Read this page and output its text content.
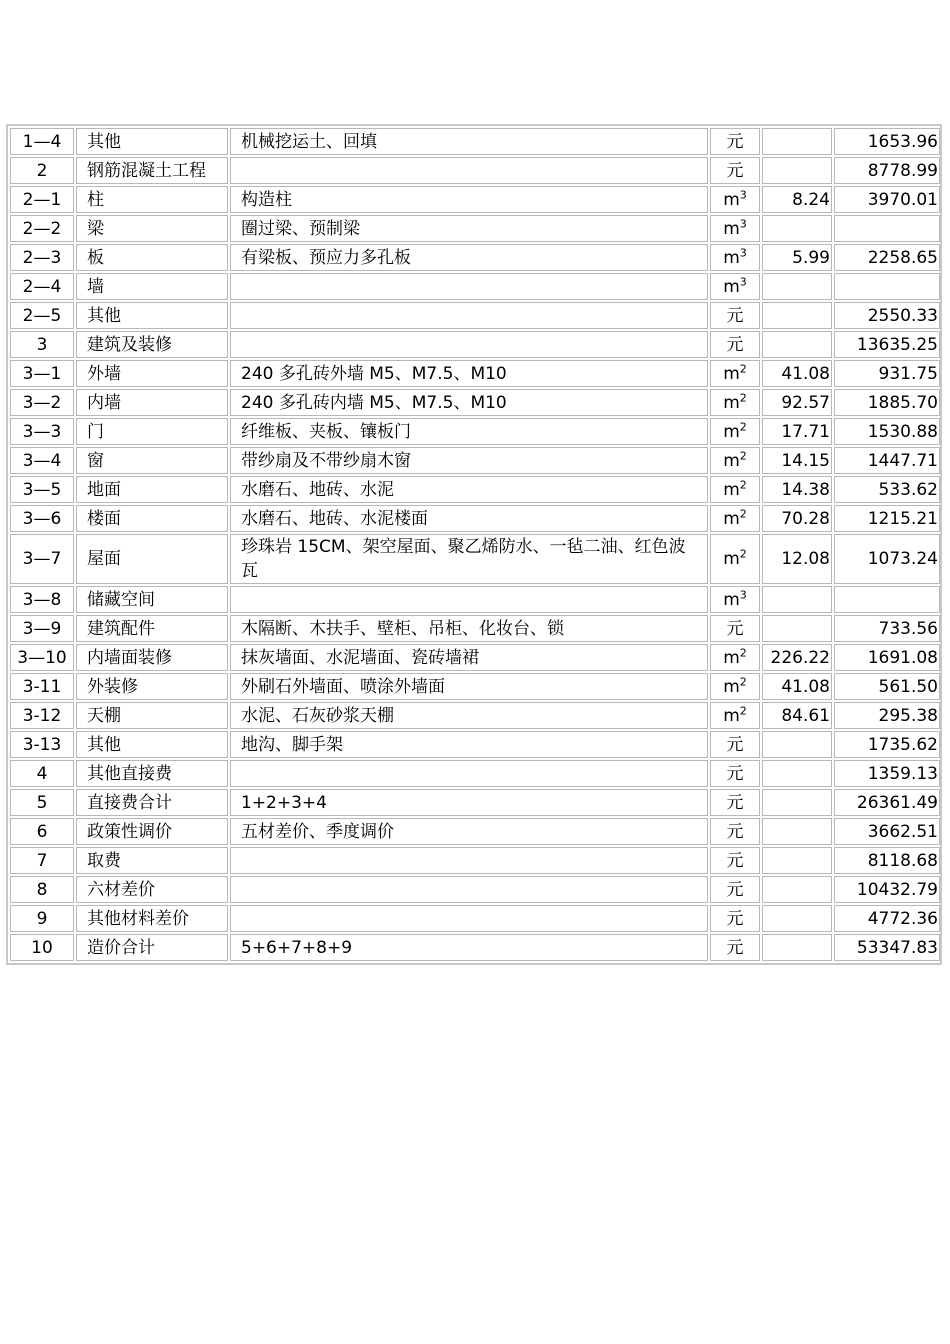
1—4	其他	机械挖运土、回填	元		1653.96
2	钢筋混凝土工程		元		8778.99
2—1	柱	构造柱	$m^3$	8.24	3970.01
2—2	梁	圈过梁、预制梁	$m^3$		
2—3	板	有梁板、预应力多孔板	$m^3$	5.99	2258.65
2—4	墙		$m^3$		
2—5	其他		元		2550.33
3	建筑及装修		元		13635.25
3—1	外墙	240 多孔砖外墙 M5、M7.5、M10	$m^2$	41.08	931.75
3—2	内墙	240 多孔砖内墙 M5、M7.5、M10	$m^2$	92.57	1885.70
3—3	门	纤维板、夹板、镶板门	$m^2$	17.71	1530.88
3—4	窗	带纱扇及不带纱扇木窗	$m^2$	14.15	1447.71
3—5	地面	水磨石、地砖、水泥	$m^2$	14.38	533.62
3—6	楼面	水磨石、地砖、水泥楼面	$m^2$	70.28	1215.21
3—7	屋面	珍珠岩 15CM、架空屋面、聚乙烯防水、一毡二油、红色波瓦	$m^2$	12.08	1073.24
3—8	储藏空间		$m^3$		
3—9	建筑配件	木隔断、木扶手、壁柜、吊柜、化妆台、锁	元		733.56
3—10	内墙面装修	抹灰墙面、水泥墙面、瓷砖墙裙	$m^2$	226.22	1691.08
3-11	外装修	外刷石外墙面、喷涂外墙面	$m^2$	41.08	561.50
3-12	天棚	水泥、石灰砂浆天棚	$m^2$	84.61	295.38
3-13	其他	地沟、脚手架	元		1735.62
4	其他直接费		元		1359.13
5	直接费合计	1+2+3+4	元		26361.49
6	政策性调价	五材差价、季度调价	元		3662.51
7	取费		元		8118.68
8	六材差价		元		10432.79
9	其他材料差价		元		4772.36
10	造价合计	5+6+7+8+9	元		53347.83
